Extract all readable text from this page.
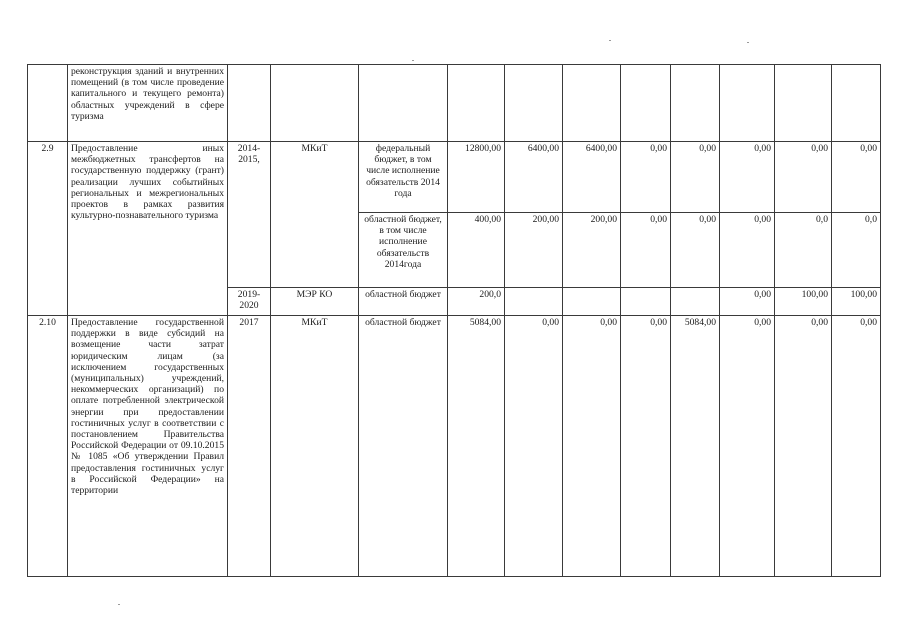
	реконструкция зданий и внутренних помещений (в том числе проведение капитального и текущего ремонта) областных учреждений в сфере туризма											
2.9	Предоставление иных межбюджетных трансфертов на государственную поддержку (грант) реализации лучших событийных региональных и межрегиональных проектов в рамках развития культурно-познавательного туризма	2014-2015,	МКиТ	федеральный бюджет, в том числе исполнение обязательств 2014 года	12800,00	6400,00	6400,00	0,00	0,00	0,00	0,00	0,00
				областной бюджет, в том числе исполнение обязательств 2014года	400,00	200,00	200,00	0,00	0,00	0,00	0,0	0,0
		2019-2020	МЭР КО	областной бюджет	200,0					0,00	100,00	100,00
2.10	Предоставление государственной поддержки в виде субсидий на возмещение части затрат юридическим лицам (за исключением государственных (муниципальных) учреждений, некоммерческих организаций) по оплате потребленной электрической энергии при предоставлении гостиничных услуг в соответствии с постановлением Правительства Российской Федерации от 09.10.2015 № 1085 «Об утверждении Правил предоставления гостиничных услуг в Российской Федерации» на территории	2017	МКиТ	областной бюджет	5084,00	0,00	0,00	0,00	5084,00	0,00	0,00	0,00
